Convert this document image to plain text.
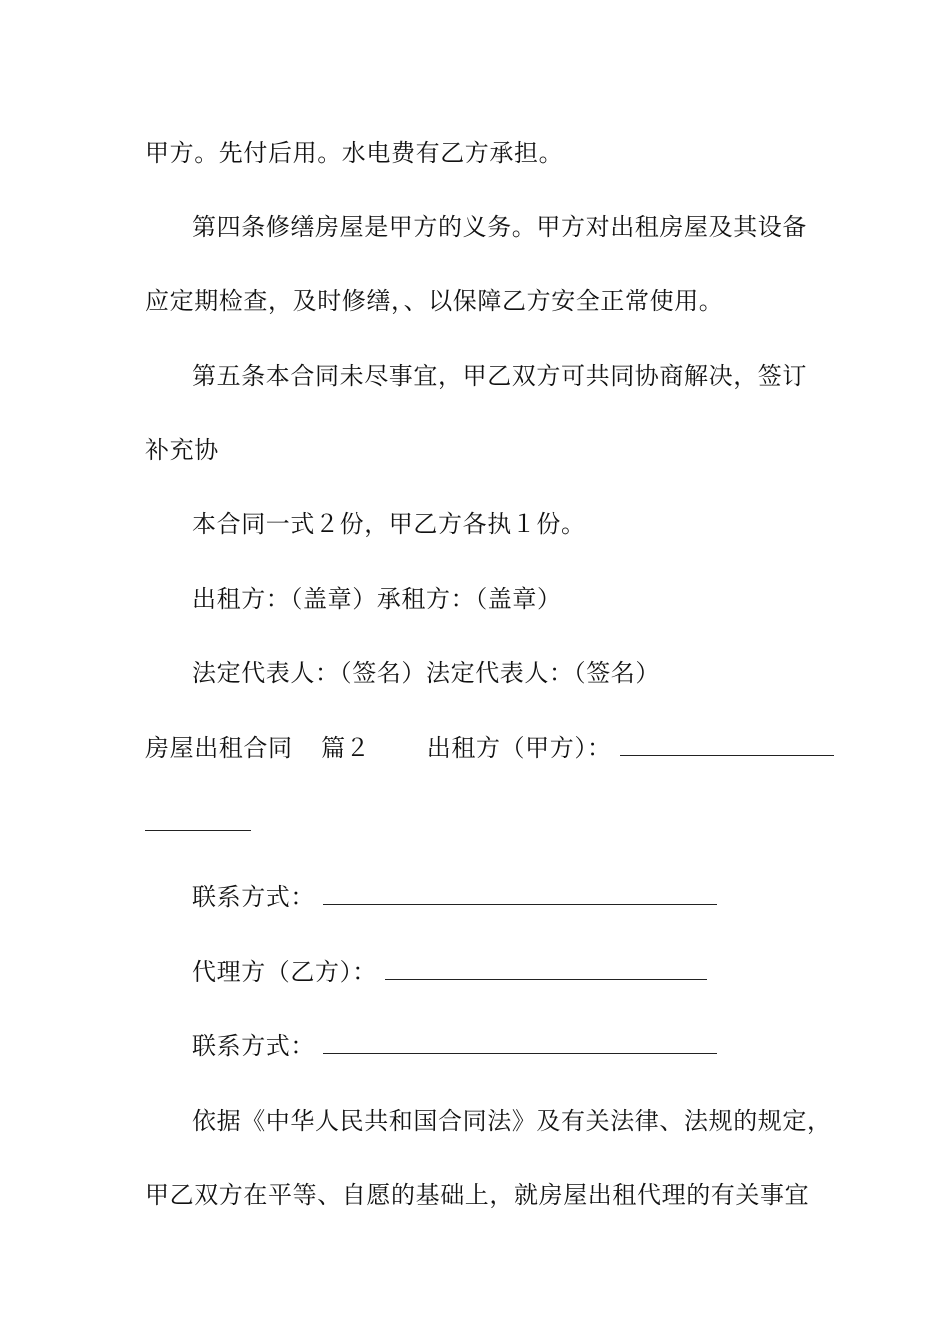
甲方。先付后用。水电费有乙方承担。
第四条修缮房屋是甲方的义务。甲方对出租房屋及其设备
应定期检查，及时修缮，、以保障乙方安全正常使用。
第五条本合同未尽事宜，甲乙双方可共同协商解决，签订
补充协
本合同一式２份，甲乙方各执１份。
出租方：（盖章）承租方：（盖章）
法定代表人：（签名）法定代表人：（签名）
房屋出租合同 篇２ 出租方（甲方）：
联系方式：
代理方（乙方）：
联系方式：
依据《中华人民共和国合同法》及有关法律、法规的规定，
甲乙双方在平等、自愿的基础上，就房屋出租代理的有关事宜
